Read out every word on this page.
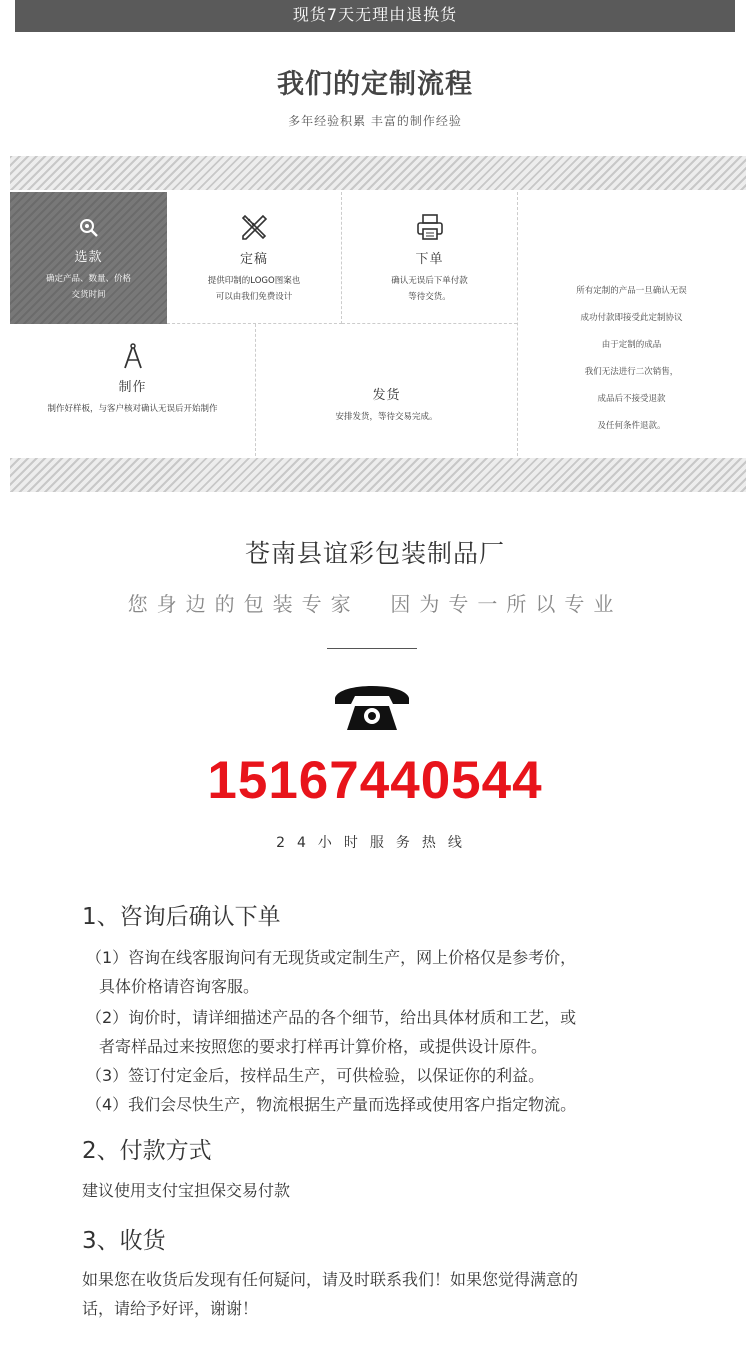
现货7天无理由退换货
我们的定制流程
多年经验积累 丰富的制作经验
选款
确定产品、数量、价格
交货时间
定稿
提供印制的LOGO图案也
可以由我们免费设计
下单
确认无误后下单付款
等待交货。
制作
制作好样板，与客户核对确认无误后开始制作
发货
安排发货，等待交易完成。
所有定制的产品一旦确认无误
成功付款即接受此定制协议
由于定制的成品
我们无法进行二次销售，
成品后不接受退款
及任何条件退款。
苍南县谊彩包装制品厂
您身边的包装专家  因为专一所以专业
15167440544
24小时服务热线
1、咨询后确认下单
（1）咨询在线客服询问有无现货或定制生产，网上价格仅是参考价，
具体价格请咨询客服。
（2）询价时，请详细描述产品的各个细节，给出具体材质和工艺，或
者寄样品过来按照您的要求打样再计算价格，或提供设计原件。
（3）签订付定金后，按样品生产，可供检验，以保证你的利益。
（4）我们会尽快生产，物流根据生产量而选择或使用客户指定物流。
2、付款方式
建议使用支付宝担保交易付款
3、收货
如果您在收货后发现有任何疑问，请及时联系我们！如果您觉得满意的
话，请给予好评，谢谢！
